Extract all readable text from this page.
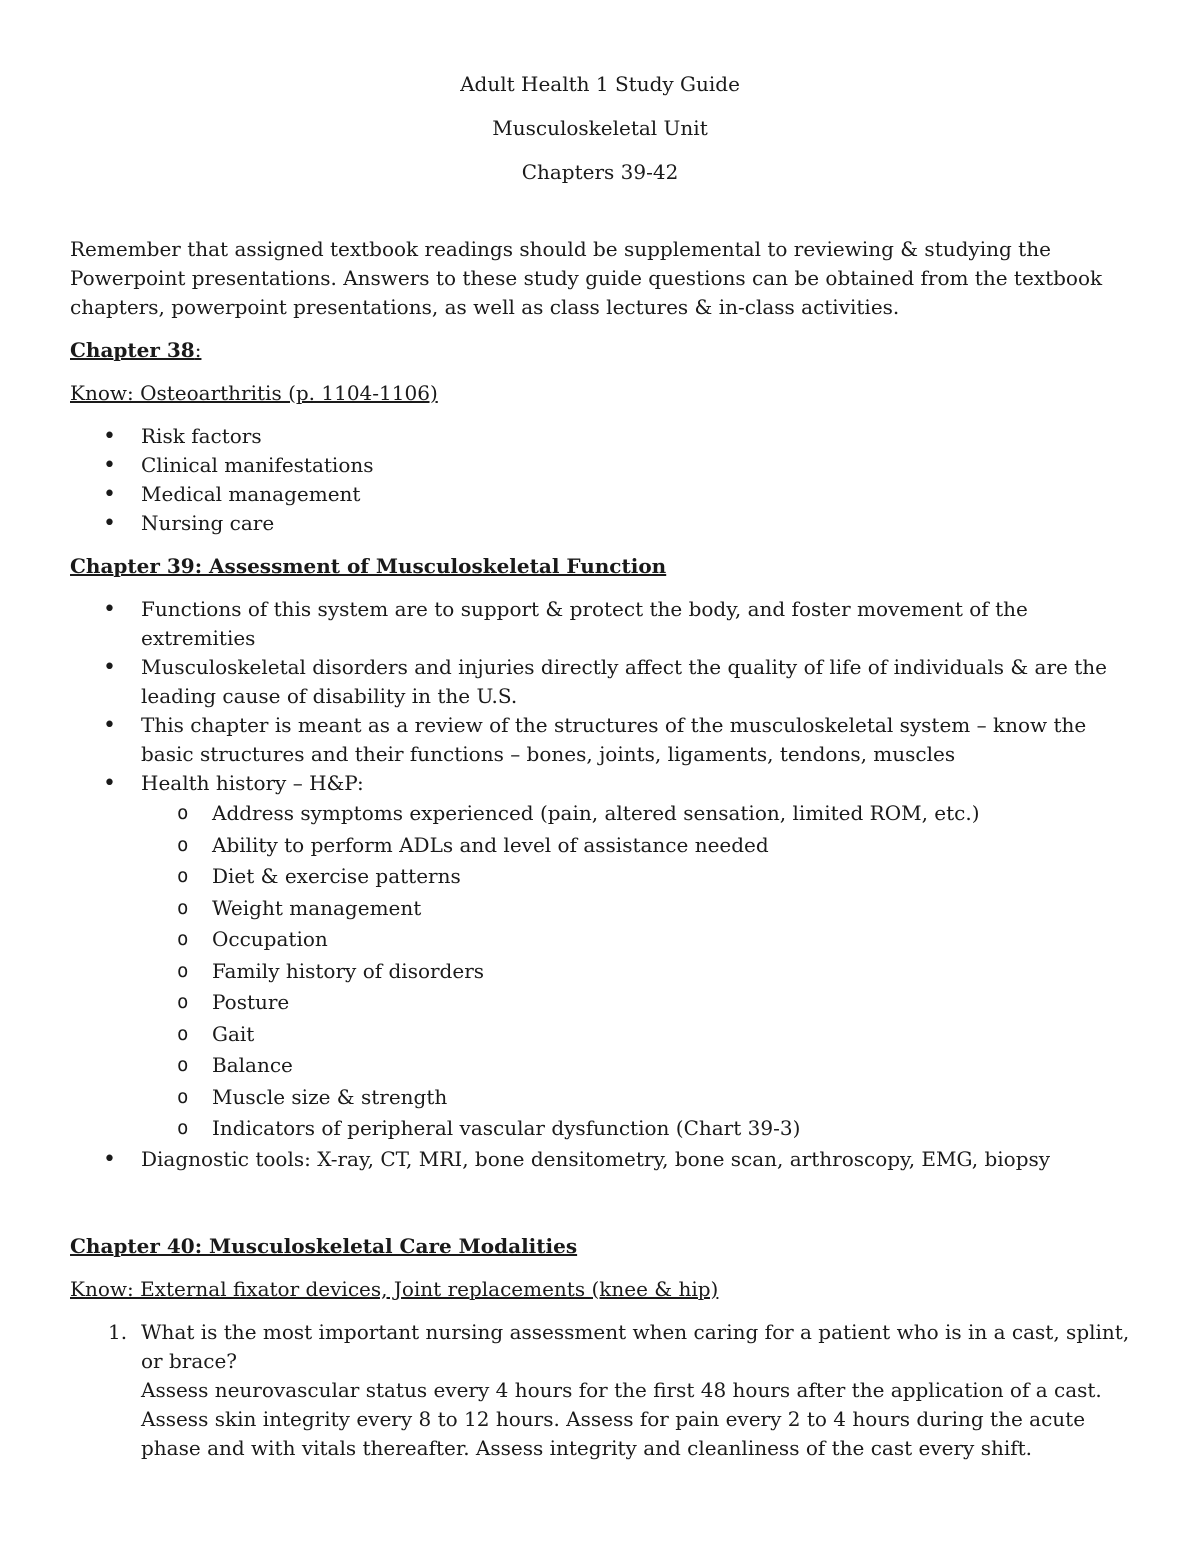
Adult Health 1 Study Guide

Musculoskeletal Unit

Chapters 39-42

Remember that assigned textbook readings should be supplemental to reviewing & studying the Powerpoint presentations. Answers to these study guide questions can be obtained from the textbook chapters, powerpoint presentations, as well as class lectures & in-class activities.

Chapter 38:

Know: Osteoarthritis (p. 1104-1106)

• Risk factors
• Clinical manifestations
• Medical management
• Nursing care

Chapter 39: Assessment of Musculoskeletal Function

• Functions of this system are to support & protect the body, and foster movement of the extremities
• Musculoskeletal disorders and injuries directly affect the quality of life of individuals & are the leading cause of disability in the U.S.
• This chapter is meant as a review of the structures of the musculoskeletal system – know the basic structures and their functions – bones, joints, ligaments, tendons, muscles
• Health history – H&P:
o Address symptoms experienced (pain, altered sensation, limited ROM, etc.)
o Ability to perform ADLs and level of assistance needed
o Diet & exercise patterns
o Weight management
o Occupation
o Family history of disorders
o Posture
o Gait
o Balance
o Muscle size & strength
o Indicators of peripheral vascular dysfunction (Chart 39-3)
• Diagnostic tools: X-ray, CT, MRI, bone densitometry, bone scan, arthroscopy, EMG, biopsy

Chapter 40: Musculoskeletal Care Modalities

Know: External fixator devices, Joint replacements (knee & hip)

1. What is the most important nursing assessment when caring for a patient who is in a cast, splint, or brace?
Assess neurovascular status every 4 hours for the first 48 hours after the application of a cast. Assess skin integrity every 8 to 12 hours. Assess for pain every 2 to 4 hours during the acute phase and with vitals thereafter. Assess integrity and cleanliness of the cast every shift.
